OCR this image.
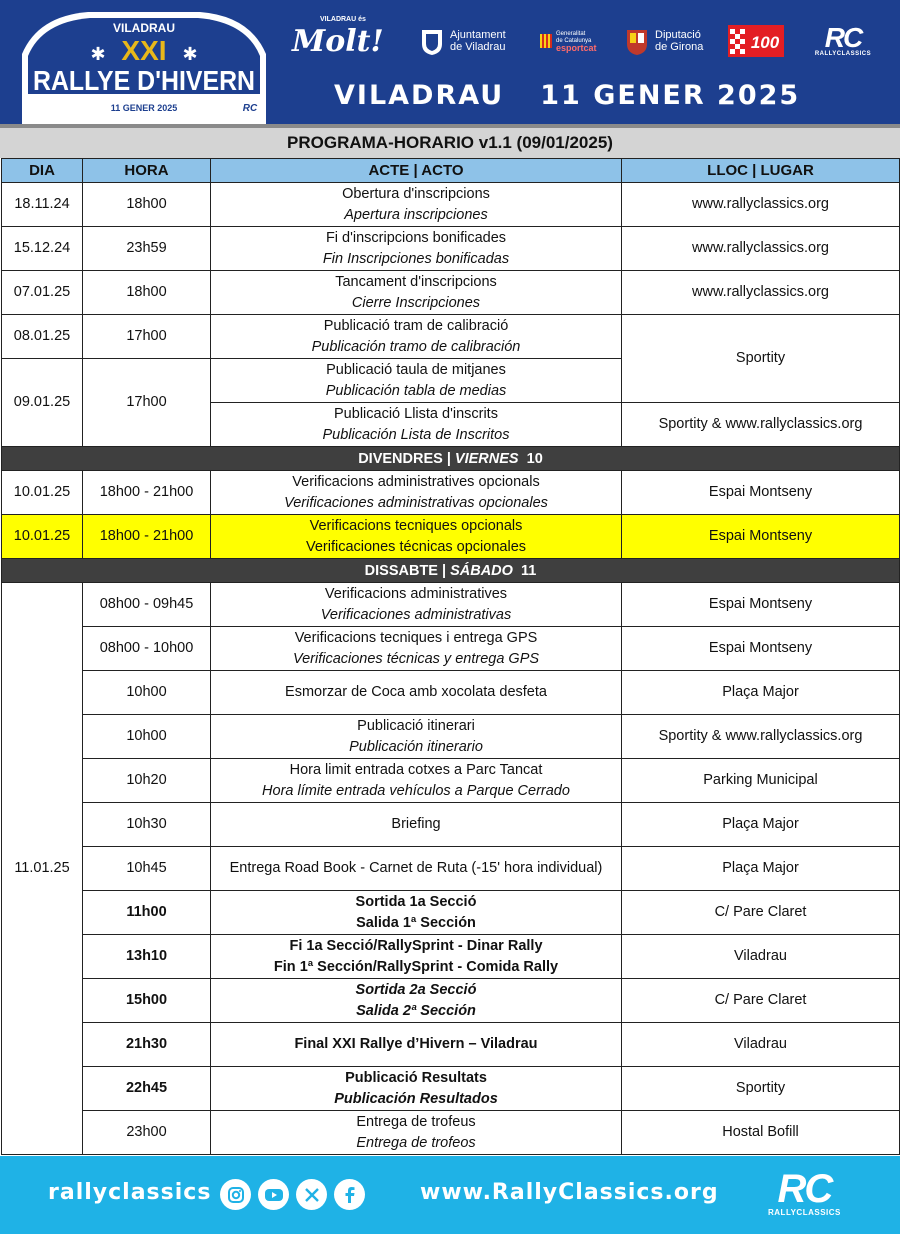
VILADRAU
✱	✱
XXI
RALLYE D'HIVERN
11 GENER 2025	RC
VILADRAU és
Molt!	Ajuntament
de Viladrau
Generalitat
de Catalunya
esportcat
Diputació
de Girona	100 RC
RALLYCLASSICS
VILADRAU 11 GENER 2025
PROGRAMA-HORARIO v1.1 (09/01/2025)
DIA	HORA	ACTE | ACTO	LLOC | LUGAR
18.11.24	18h00	Obertura d'inscripcions
Apertura inscripciones	www.rallyclassics.org
15.12.24	23h59	Fi d'inscripcions bonificades
Fin Inscripciones bonificadas	www.rallyclassics.org
07.01.25	18h00	Tancament d'inscripcions
Cierre Inscripciones	www.rallyclassics.org
08.01.25	17h00	Publicació tram de calibració
Publicación tramo de calibración	Sportity
09.01.25	17h00	Publicació taula de mitjanes
Publicación tabla de medias	

		Publicació Llista d'inscrits
Publicación Lista de Inscritos	Sportity & www.rallyclassics.org
DIVENDRES | VIERNES  10			
10.01.25	18h00 - 21h00	Verificacions administratives opcionals
Verificaciones administrativas opcionales	Espai Montseny
10.01.25	18h00 - 21h00	Verificacions tecniques opcionals
Verificaciones técnicas opcionales	Espai Montseny
DISSABTE | SÁBADO  11			
11.01.25	08h00 - 09h45	Verificacions administratives
Verificaciones administrativas	Espai Montseny
	08h00 - 10h00	Verificacions tecniques i entrega GPS
Verificaciones técnicas y entrega GPS	Espai Montseny
	10h00	Esmorzar de Coca amb xocolata desfeta	Plaça Major
	10h00	Publicació itinerari
Publicación itinerario	Sportity & www.rallyclassics.org
	10h20	Hora limit entrada cotxes a Parc Tancat
Hora límite entrada vehículos a Parque Cerrado	Parking Municipal
	10h30	Briefing	Plaça Major
	10h45	Entrega Road Book - Carnet de Ruta (-15' hora individual)	Plaça Major
	11h00	Sortida 1a Secció
Salida 1ª Sección	C/ Pare Claret
	13h10	Fi 1a Secció/RallySprint - Dinar Rally
Fin 1ª Sección/RallySprint - Comida Rally	Viladrau
	15h00	Sortida 2a Secció
Salida 2ª Sección	C/ Pare Claret
	21h30	Final XXI Rallye d’Hivern – Viladrau	Viladrau
	22h45	Publicació Resultats
Publicación Resultados	Sportity
	23h00	Entrega de trofeus
Entrega de trofeos	Hostal Bofill
rallyclassics	www.RallyClassics.org RC
RALLYCLASSICS
